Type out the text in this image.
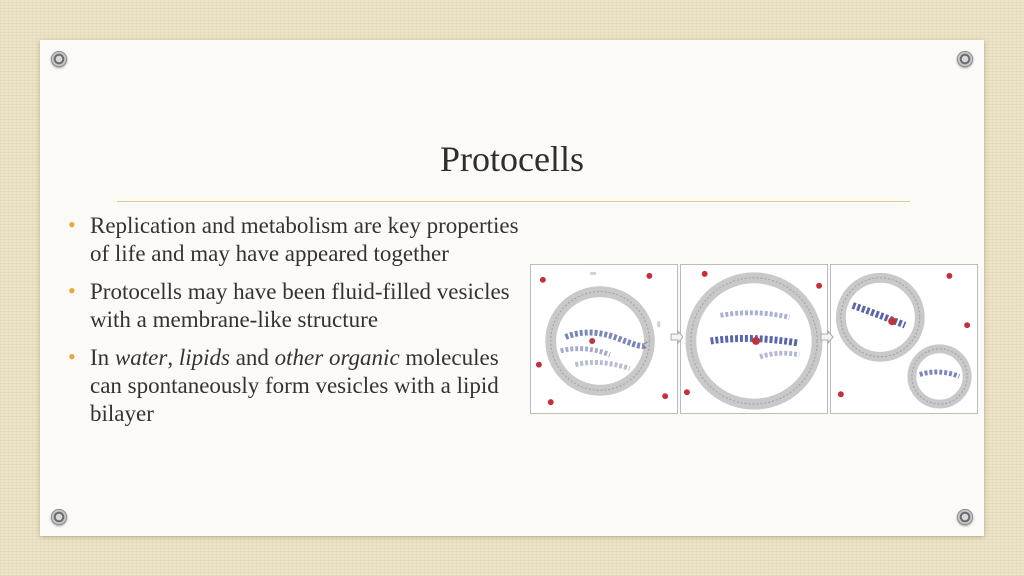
Protocells
• Replication and metabolism are key properties of life and may have appeared together
• Protocells may have been fluid-filled vesicles with a membrane-like structure
• In water, lipids and other organic molecules can spontaneously form vesicles with a lipid bilayer
